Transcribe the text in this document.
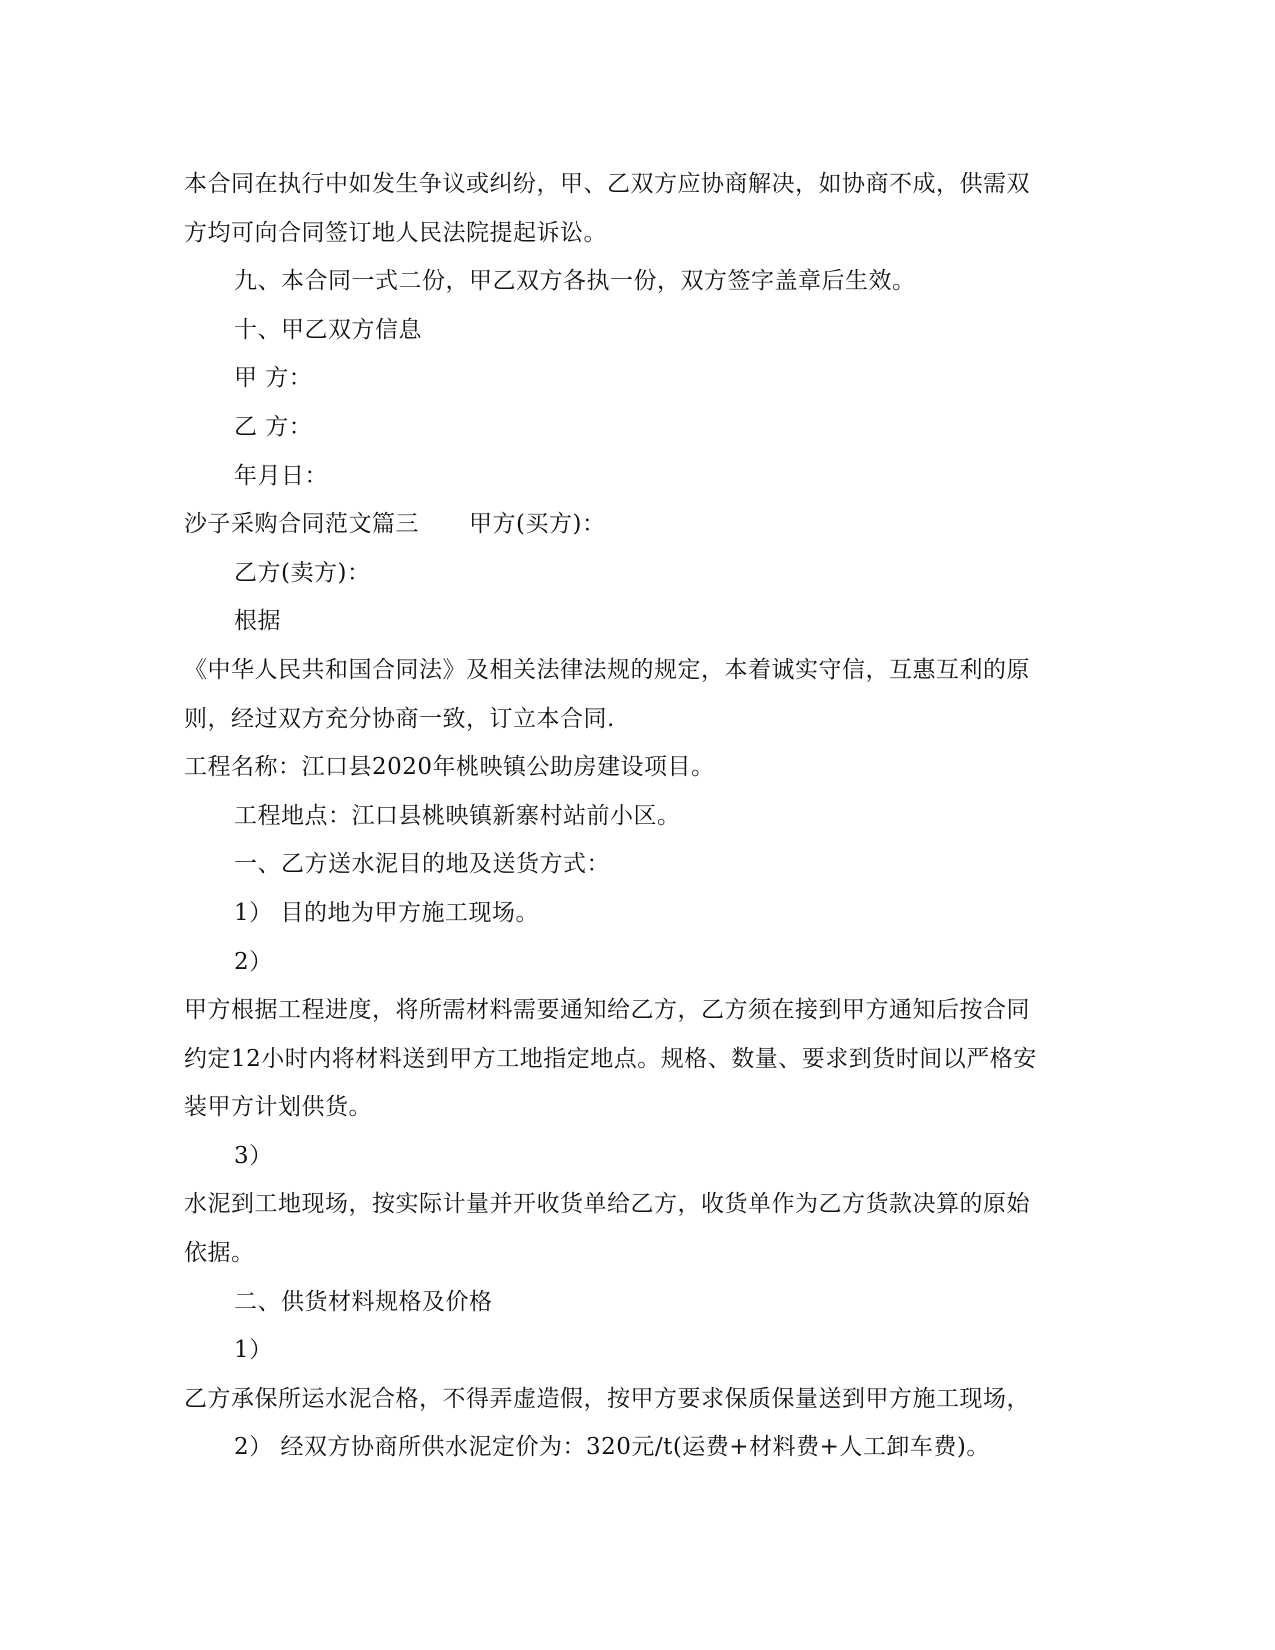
本合同在执行中如发生争议或纠纷，甲、乙双方应协商解决，如协商不成，供需双
方均可向合同签订地人民法院提起诉讼。
九、本合同一式二份，甲乙双方各执一份，双方签字盖章后生效。
十、甲乙双方信息
甲 方：
乙 方：
年月日：
沙子采购合同范文篇三 甲方(买方)：
乙方(卖方)：
根据
《中华人民共和国合同法》及相关法律法规的规定，本着诚实守信，互惠互利的原
则，经过双方充分协商一致，订立本合同.
工程名称：江口县2020年桃映镇公助房建设项目。
工程地点：江口县桃映镇新寨村站前小区。
一、乙方送水泥目的地及送货方式：
1） 目的地为甲方施工现场。
2）
甲方根据工程进度，将所需材料需要通知给乙方，乙方须在接到甲方通知后按合同
约定12小时内将材料送到甲方工地指定地点。规格、数量、要求到货时间以严格安
装甲方计划供货。
3）
水泥到工地现场，按实际计量并开收货单给乙方，收货单作为乙方货款决算的原始
依据。
二、供货材料规格及价格
1）
乙方承保所运水泥合格，不得弄虚造假，按甲方要求保质保量送到甲方施工现场，
2） 经双方协商所供水泥定价为：320元/t(运费+材料费+人工卸车费)。
